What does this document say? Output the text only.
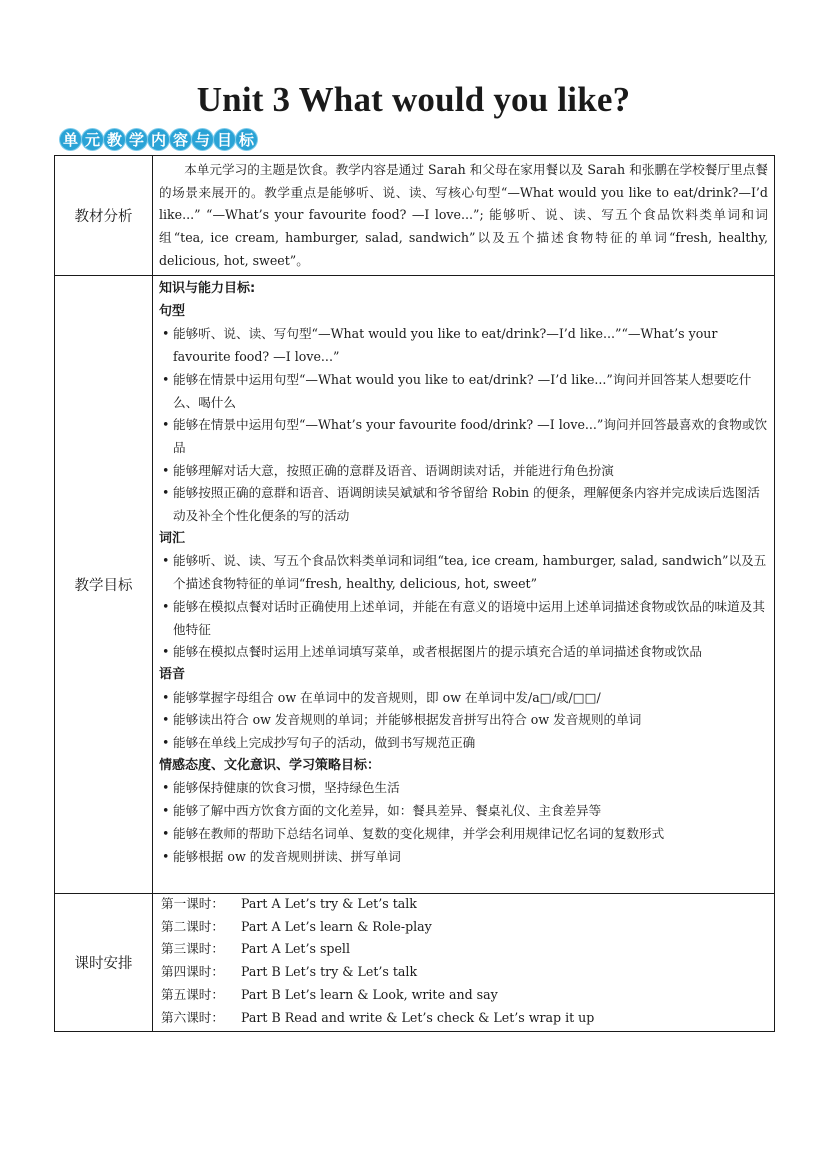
Unit 3 What would you like?
单 元 教 学 内 容 与 目 标
教材分析
本单元学习的主题是饮食。教学内容是通过 Sarah 和父母在家用餐以及 Sarah 和张鹏在学校餐厅里点餐的场景来展开的。教学重点是能够听、说、读、写核心句型“—What would you like to eat/drink?—I’d like...” “—What’s your favourite food? —I love...”; 能够听、说、读、写五个食品饮料类单词和词组“tea, ice cream, hamburger, salad, sandwich”以及五个描述食物特征的单词“fresh, healthy, delicious, hot, sweet”。
教学目标
知识与能力目标:
句型
• 能够听、说、读、写句型“—What would you like to eat/drink?—I’d like...”“—What’s your favourite food? —I love...”
• 能够在情景中运用句型“—What would you like to eat/drink? —I’d like...”询问并回答某人想要吃什么、喝什么
• 能够在情景中运用句型“—What’s your favourite food/drink? —I love...”询问并回答最喜欢的食物或饮品
• 能够理解对话大意，按照正确的意群及语音、语调朗读对话，并能进行角色扮演
• 能够按照正确的意群和语音、语调朗读吴斌斌和爷爷留给 Robin 的便条，理解便条内容并完成读后选图活动及补全个性化便条的写的活动
词汇
• 能够听、说、读、写五个食品饮料类单词和词组“tea, ice cream, hamburger, salad, sandwich”以及五个描述食物特征的单词“fresh, healthy, delicious, hot, sweet”
• 能够在模拟点餐对话时正确使用上述单词，并能在有意义的语境中运用上述单词描述食物或饮品的味道及其他特征
• 能够在模拟点餐时运用上述单词填写菜单，或者根据图片的提示填充合适的单词描述食物或饮品
语音
• 能够掌握字母组合 ow 在单词中的发音规则，即 ow 在单词中发/a□/或/□□/
• 能够读出符合 ow 发音规则的单词；并能够根据发音拼写出符合 ow 发音规则的单词
• 能够在单线上完成抄写句子的活动，做到书写规范正确
情感态度、文化意识、学习策略目标：
• 能够保持健康的饮食习惯，坚持绿色生活
• 能够了解中西方饮食方面的文化差异，如：餐具差异、餐桌礼仪、主食差异等
• 能够在教师的帮助下总结名词单、复数的变化规律，并学会利用规律记忆名词的复数形式
• 能够根据 ow 的发音规则拼读、拼写单词
课时安排
第一课时： Part A Let’s try & Let’s talk
第二课时： Part A Let’s learn & Role-play
第三课时： Part A Let’s spell
第四课时： Part B Let’s try & Let’s talk
第五课时： Part B Let’s learn & Look, write and say
第六课时： Part B Read and write & Let’s check & Let’s wrap it up
